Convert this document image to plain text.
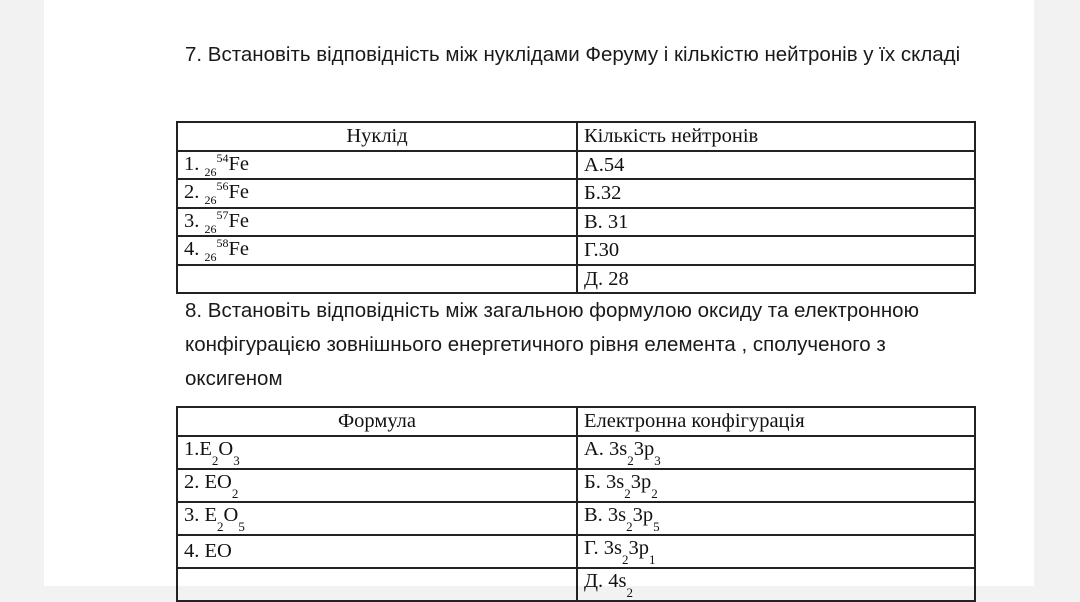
7. Встановіть відповідність між нуклідами Феруму і кількістю нейтронів у їх складі
Нуклід	Кількість нейтронів
1. $_{26}^{54}$Fe	А.54
2. $_{26}^{56}$Fe	Б.32
3. $_{26}^{57}$Fe	В. 31
4. $_{26}^{58}$Fe	Г.30
	Д. 28
8. Встановіть відповідність між загальною формулою оксиду та електронною конфігурацією зовнішнього енергетичного рівня елемента , сполученого з оксигеном
Формула	Електронна конфігурація
$1.E_2O_3$	А. $3s_23p_3$
2. $EO_2$	Б. $3s_23p_2$
3. $E_2O_5$	В. $3s_23p_5$
4. EO	Г. $3s_23p_1$
	Д. $4s_2$
